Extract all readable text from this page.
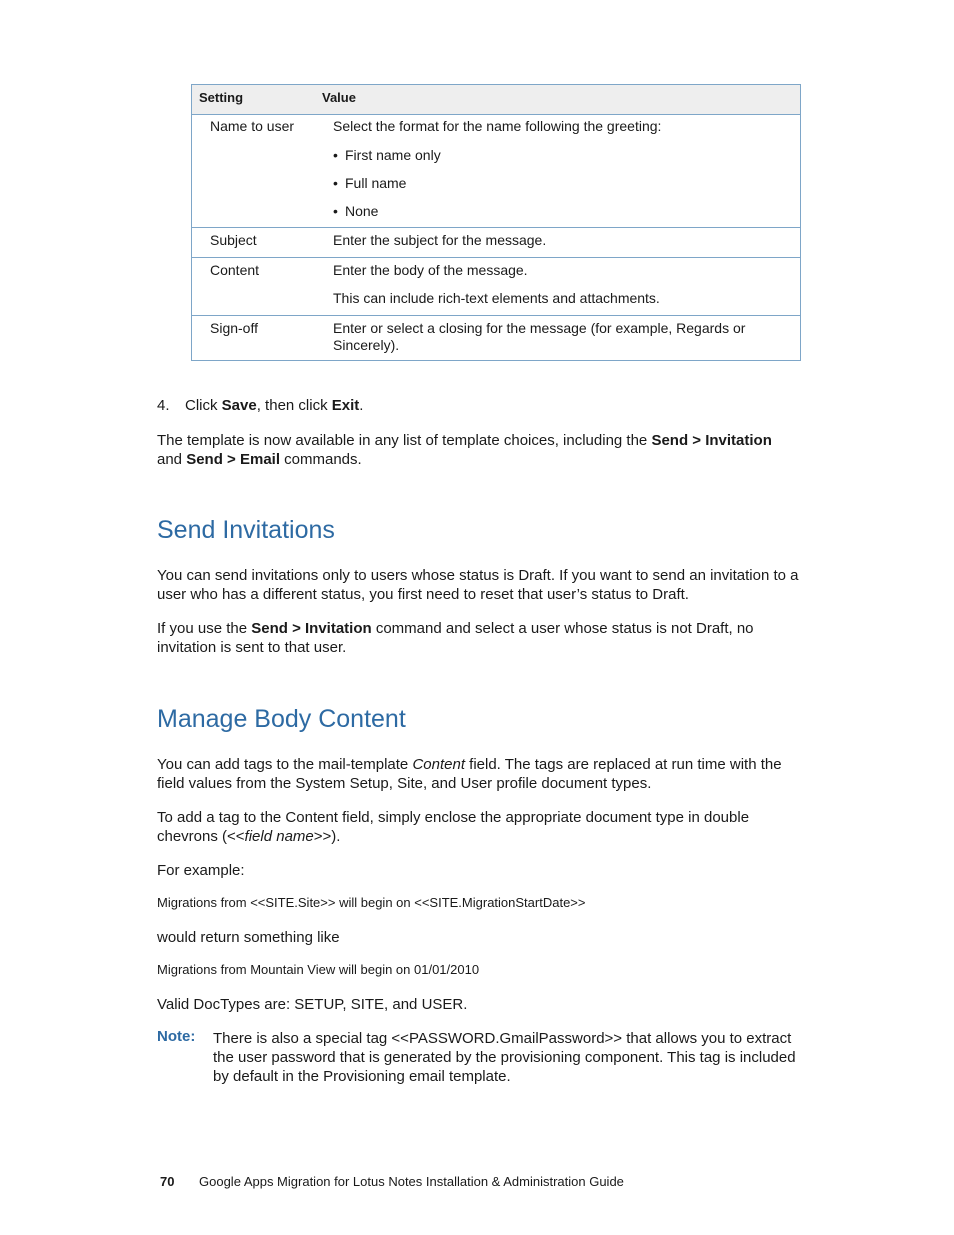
Setting	Value
Name to user	Select the format for the name following the greeting:
• First name only
• Full name
• None
Subject	Enter the subject for the message.
Content	Enter the body of the message.
This can include rich-text elements and attachments.
Sign-off	Enter or select a closing for the message (for example, Regards or
Sincerely).
4. Click Save, then click Exit.
The template is now available in any list of template choices, including the Send > Invitation
and Send > Email commands.
Send Invitations
You can send invitations only to users whose status is Draft. If you want to send an invitation to a user who has a different status, you first need to reset that user’s status to Draft.
If you use the Send > Invitation command and select a user whose status is not Draft, no invitation is sent to that user.
Manage Body Content
You can add tags to the mail-template Content field. The tags are replaced at run time with the field values from the System Setup, Site, and User profile document types.
To add a tag to the Content field, simply enclose the appropriate document type in double chevrons (<<field name>>).
For example:
Migrations from <<SITE.Site>> will begin on <<SITE.MigrationStartDate>>
would return something like
Migrations from Mountain View will begin on 01/01/2010
Valid DocTypes are: SETUP, SITE, and USER.
Note: There is also a special tag <<PASSWORD.GmailPassword>> that allows you to extract the user password that is generated by the provisioning component. This tag is included by default in the Provisioning email template.
70 Google Apps Migration for Lotus Notes Installation & Administration Guide
